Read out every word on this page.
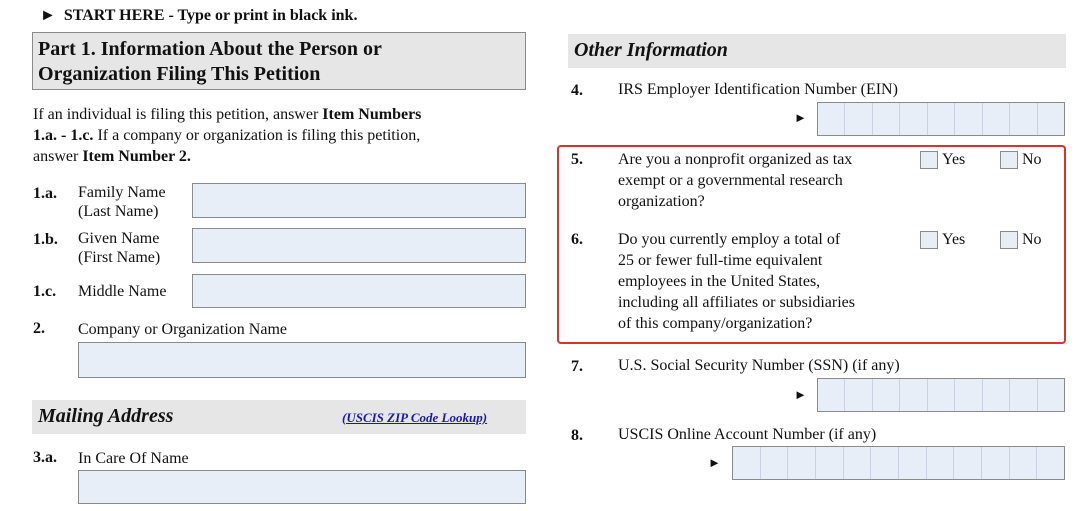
► START HERE - Type or print in black ink.
Part 1. Information About the Person or
Organization Filing This Petition
If an individual is filing this petition, answer Item Numbers
1.a. - 1.c. If a company or organization is filing this petition,
answer Item Number 2.
1.a. Family Name
(Last Name)
1.b. Given Name
(First Name)
1.c. Middle Name
2. Company or Organization Name
Mailing Address	(USCIS ZIP Code Lookup)
3.a. In Care Of Name
Other Information
4. IRS Employer Identification Number (EIN)
►
5. Are you a nonprofit organized as tax
exempt or a governmental research
organization?
Yes	No
6. Do you currently employ a total of
25 or fewer full-time equivalent
employees in the United States,
including all affiliates or subsidiaries
of this company/organization?
Yes	No
7. U.S. Social Security Number (SSN) (if any)
►
8. USCIS Online Account Number (if any)
►
